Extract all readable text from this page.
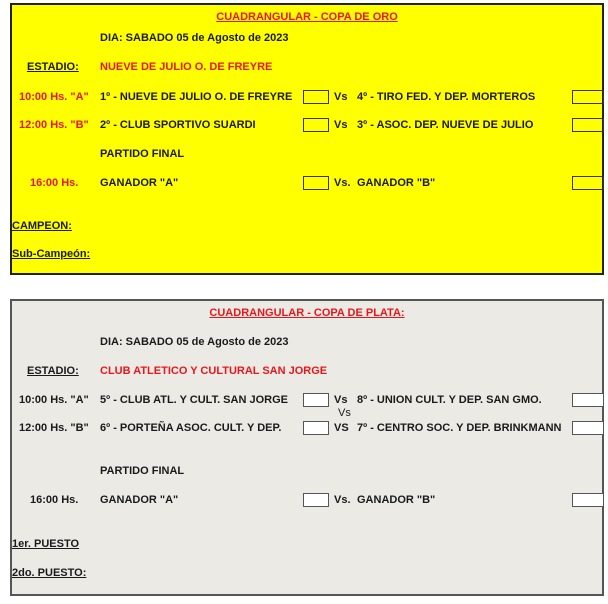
CUADRANGULAR - COPA DE ORO
DIA: SABADO 05 de Agosto de 2023
ESTADIO: NUEVE DE JULIO O. DE FREYRE
10:00 Hs. "A" 1º - NUEVE DE JULIO O. DE FREYRE	Vs 4º - TIRO FED. Y DEP. MORTEROS
12:00 Hs. "B" 2º - CLUB SPORTIVO SUARDI	Vs 3º - ASOC. DEP. NUEVE DE JULIO
PARTIDO FINAL
16:00 Hs. GANADOR "A"	Vs. GANADOR "B"
CAMPEON:
Sub-Campeón:
CUADRANGULAR - COPA DE PLATA:
DIA: SABADO 05 de Agosto de 2023
ESTADIO: CLUB ATLETICO Y CULTURAL SAN JORGE
10:00 Hs. "A" 5º - CLUB ATL. Y CULT. SAN JORGE	Vs 8º - UNION CULT. Y DEP. SAN GMO.
Vs
12:00 Hs. "B" 6º - PORTEÑA ASOC. CULT. Y DEP.	VS 7º - CENTRO SOC. Y DEP. BRINKMANN
PARTIDO FINAL
16:00 Hs. GANADOR "A"	Vs. GANADOR "B"
1er. PUESTO
2do. PUESTO:
